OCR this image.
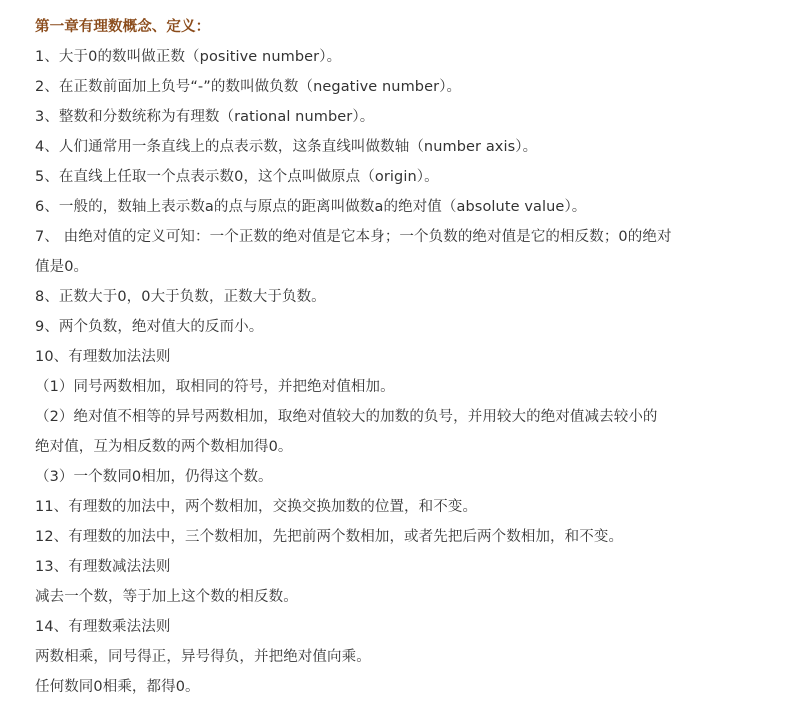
第一章有理数概念、定义：
1、大于0的数叫做正数（positive number）。
2、在正数前面加上负号“-”的数叫做负数（negative number）。
3、整数和分数统称为有理数（rational number）。
4、人们通常用一条直线上的点表示数，这条直线叫做数轴（number axis）。
5、在直线上任取一个点表示数0，这个点叫做原点（origin）。
6、一般的，数轴上表示数a的点与原点的距离叫做数a的绝对值（absolute value）。
7、 由绝对值的定义可知：一个正数的绝对值是它本身；一个负数的绝对值是它的相反数；0的绝对
值是0。
8、正数大于0，0大于负数，正数大于负数。
9、两个负数，绝对值大的反而小。
10、有理数加法法则
（1）同号两数相加，取相同的符号，并把绝对值相加。
（2）绝对值不相等的异号两数相加，取绝对值较大的加数的负号，并用较大的绝对值减去较小的
绝对值，互为相反数的两个数相加得0。
（3）一个数同0相加，仍得这个数。
11、有理数的加法中，两个数相加，交换交换加数的位置，和不变。
12、有理数的加法中，三个数相加，先把前两个数相加，或者先把后两个数相加，和不变。
13、有理数减法法则
减去一个数，等于加上这个数的相反数。
14、有理数乘法法则
两数相乘，同号得正，异号得负，并把绝对值向乘。
任何数同0相乘，都得0。
